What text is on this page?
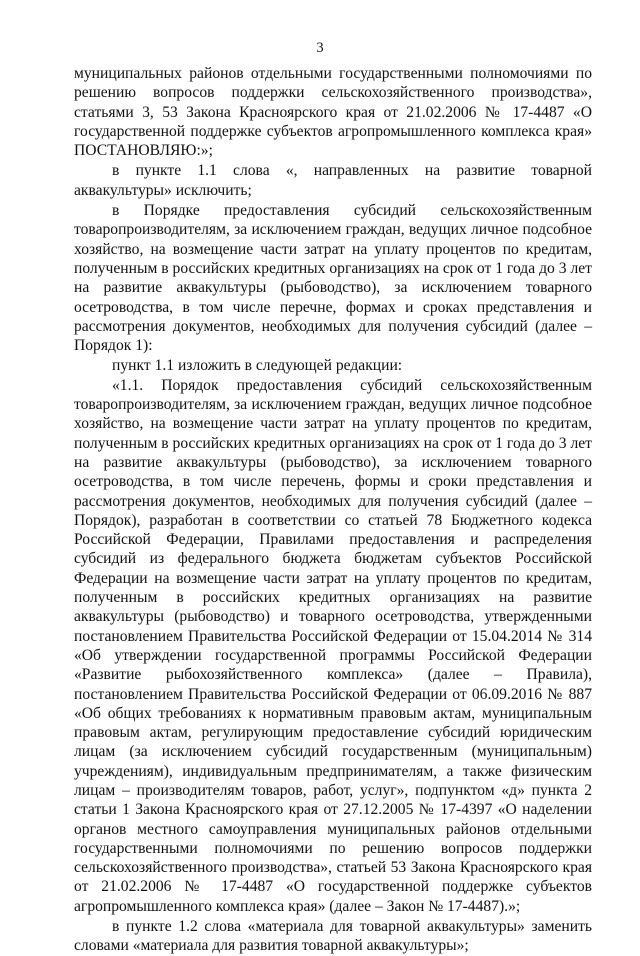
3

муниципальных районов отдельными государственными полномочиями по решению вопросов поддержки сельскохозяйственного производства», статьями 3, 53 Закона Красноярского края от 21.02.2006 № 17-4487 «О государственной поддержке субъектов агропромышленного комплекса края» ПОСТАНОВЛЯЮ:»;

в пункте 1.1 слова «, направленных на развитие товарной аквакультуры» исключить;

в Порядке предоставления субсидий сельскохозяйственным товаропроизводителям, за исключением граждан, ведущих личное подсобное хозяйство, на возмещение части затрат на уплату процентов по кредитам, полученным в российских кредитных организациях на срок от 1 года до 3 лет на развитие аквакультуры (рыбоводство), за исключением товарного осетроводства, в том числе перечне, формах и сроках представления и рассмотрения документов, необходимых для получения субсидий (далее – Порядок 1):

пункт 1.1 изложить в следующей редакции:

«1.1. Порядок предоставления субсидий сельскохозяйственным товаропроизводителям, за исключением граждан, ведущих личное подсобное хозяйство, на возмещение части затрат на уплату процентов по кредитам, полученным в российских кредитных организациях на срок от 1 года до 3 лет на развитие аквакультуры (рыбоводство), за исключением товарного осетроводства, в том числе перечень, формы и сроки представления и рассмотрения документов, необходимых для получения субсидий (далее – Порядок), разработан в соответствии со статьей 78 Бюджетного кодекса Российской Федерации, Правилами предоставления и распределения субсидий из федерального бюджета бюджетам субъектов Российской Федерации на возмещение части затрат на уплату процентов по кредитам, полученным в российских кредитных организациях на развитие аквакультуры (рыбоводство) и товарного осетроводства, утвержденными постановлением Правительства Российской Федерации от 15.04.2014 № 314 «Об утверждении государственной программы Российской Федерации «Развитие рыбохозяйственного комплекса» (далее – Правила), постановлением Правительства Российской Федерации от 06.09.2016 № 887 «Об общих требованиях к нормативным правовым актам, муниципальным правовым актам, регулирующим предоставление субсидий юридическим лицам (за исключением субсидий государственным (муниципальным) учреждениям), индивидуальным предпринимателям, а также физическим лицам – производителям товаров, работ, услуг», подпунктом «д» пункта 2 статьи 1 Закона Красноярского края от 27.12.2005 № 17-4397 «О наделении органов местного самоуправления муниципальных районов отдельными государственными полномочиями по решению вопросов поддержки сельскохозяйственного производства», статьей 53 Закона Красноярского края от 21.02.2006 № 17-4487 «О государственной поддержке субъектов агропромышленного комплекса края» (далее – Закон № 17-4487).»;

в пункте 1.2 слова «материала для товарной аквакультуры» заменить словами «материала для развития товарной аквакультуры»;
